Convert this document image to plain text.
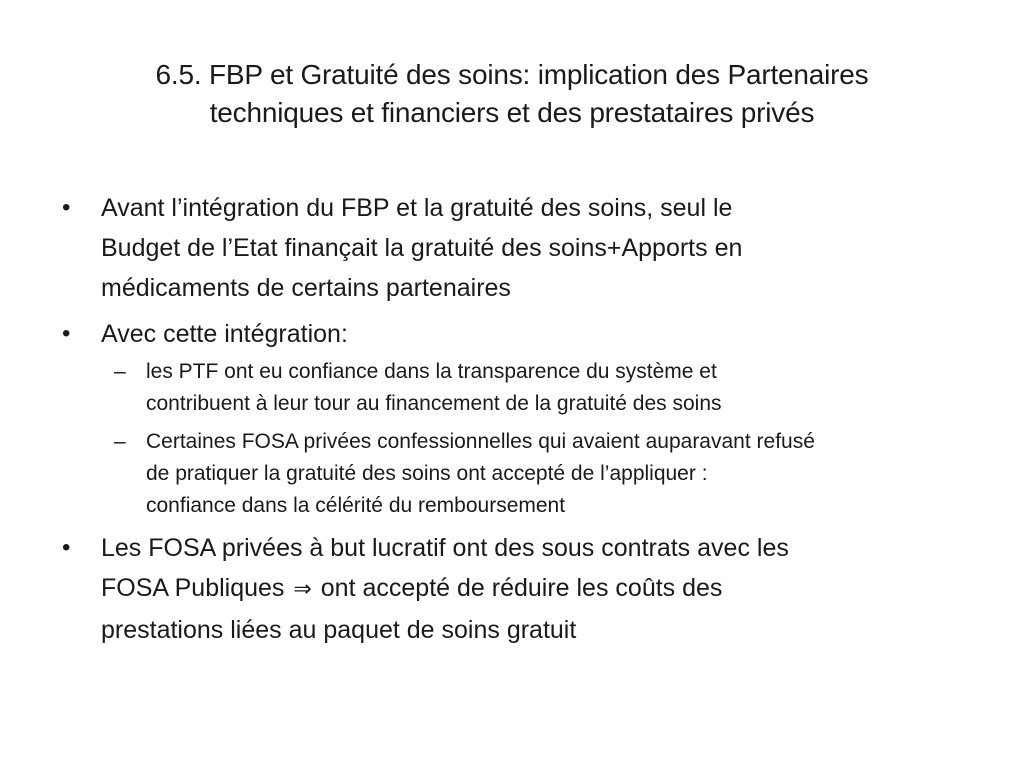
6.5. FBP et Gratuité des soins: implication des Partenaires
techniques et financiers et des prestataires privés
• Avant l’intégration du FBP et la gratuité des soins, seul le
Budget de l’Etat finançait la gratuité des soins+Apports en
médicaments de certains partenaires
• Avec cette intégration:
– les PTF ont eu confiance dans la transparence du système et
contribuent à leur tour au financement de la gratuité des soins
– Certaines FOSA privées confessionnelles qui avaient auparavant refusé
de pratiquer la gratuité des soins ont accepté de l’appliquer :
confiance dans la célérité du remboursement
• Les FOSA privées à but lucratif ont des sous contrats avec les
FOSA Publiques ⇒ ont accepté de réduire les coûts des
prestations liées au paquet de soins gratuit
